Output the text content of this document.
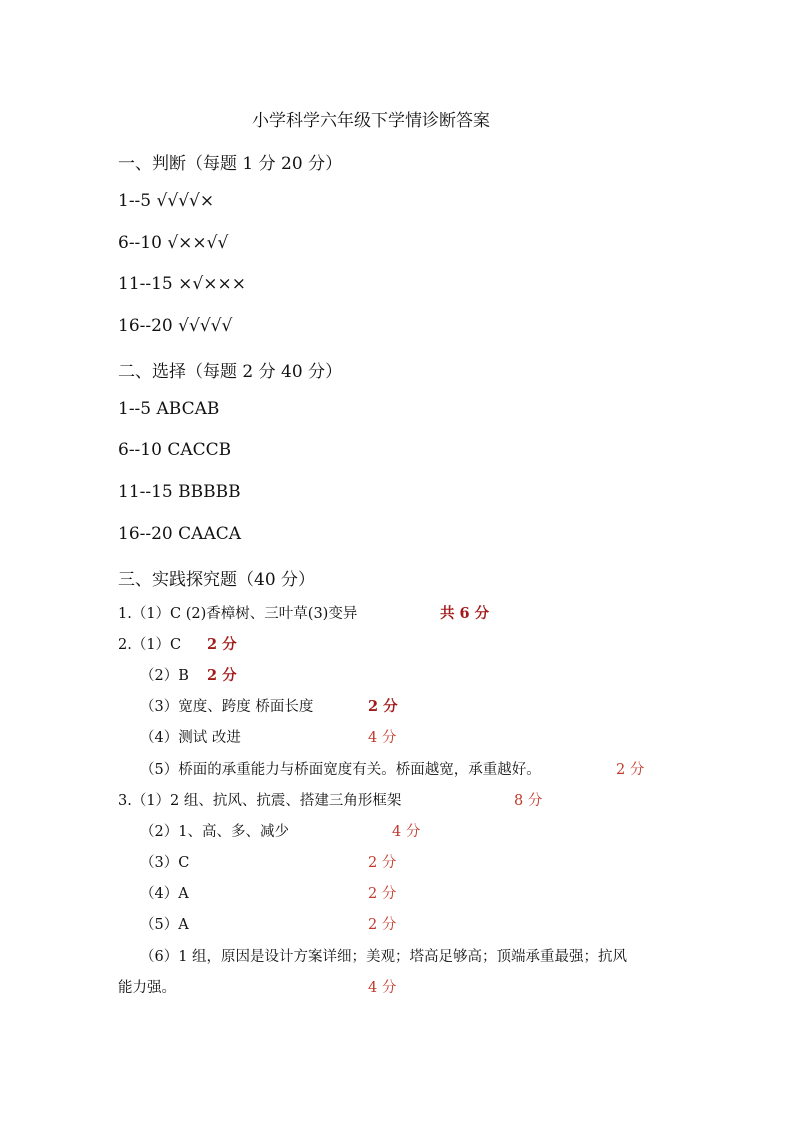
小学科学六年级下学情诊断答案
一、判断（每题 1 分 20 分）
1--5 √√√√×
6--10 √××√√
11--15 ×√×××
16--20 √√√√√
二、选择（每题 2 分 40 分）
1--5 ABCAB
6--10 CACCB
11--15 BBBBB
16--20 CAACA
三、实践探究题（40 分）
1.（1）C (2)香樟树、三叶草(3)变异	共 6 分
2.（1）C 2 分
（2）B 2 分
（3）宽度、跨度 桥面长度	2 分
（4）测试 改进	4 分
（5）桥面的承重能力与桥面宽度有关。桥面越宽，承重越好。	2 分
3.（1）2 组、抗风、抗震、搭建三角形框架	8 分
（2）1、高、多、减少	4 分
（3）C	2 分
（4）A	2 分
（5）A	2 分
（6）1 组，原因是设计方案详细；美观；塔高足够高；顶端承重最强；抗风
能力强。	4 分
